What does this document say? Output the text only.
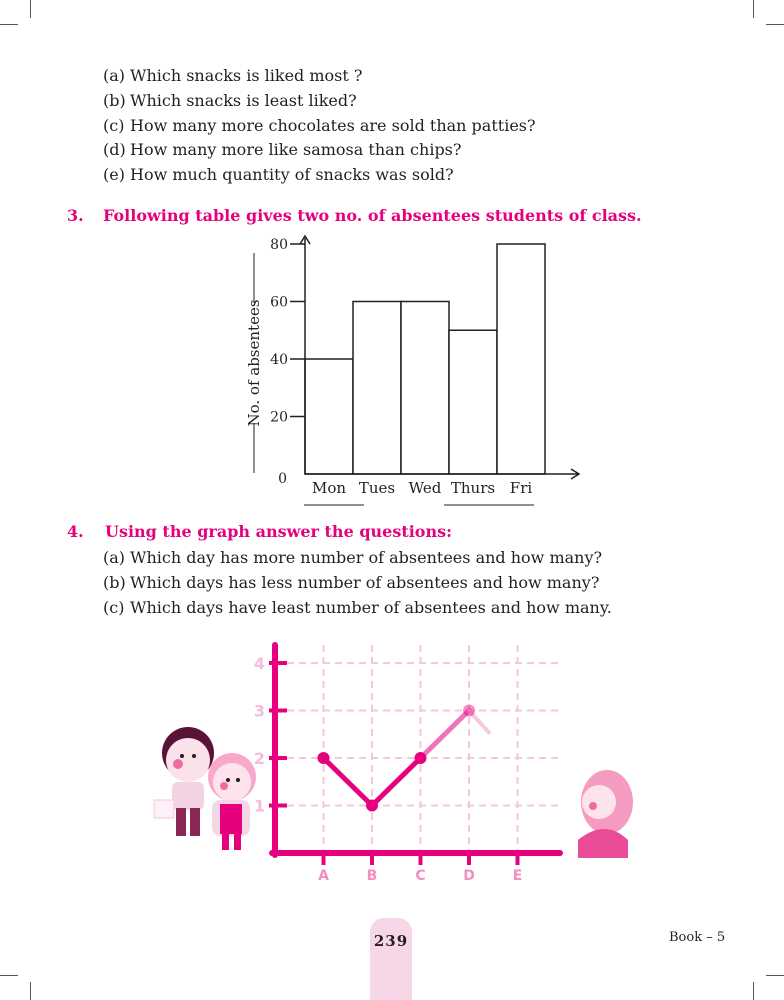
(a) Which snacks is liked most ?
(b) Which snacks is least liked?
(c) How many more chocolates are sold than patties?
(d) How many more like samosa than chips?
(e) How much quantity of snacks was sold?
3. Following table gives two no. of absentees students of class.
No. of absentees
0
20
40
60
80
Mon Tues Wed Thurs Fri
4. Using the graph answer the questions:
(a) Which day has more number of absentees and how many?
(b) Which days has less number of absentees and how many?
(c) Which days have least number of absentees and how many.
1
2
3
4
A	B	C	D	E
239	Book – 5
